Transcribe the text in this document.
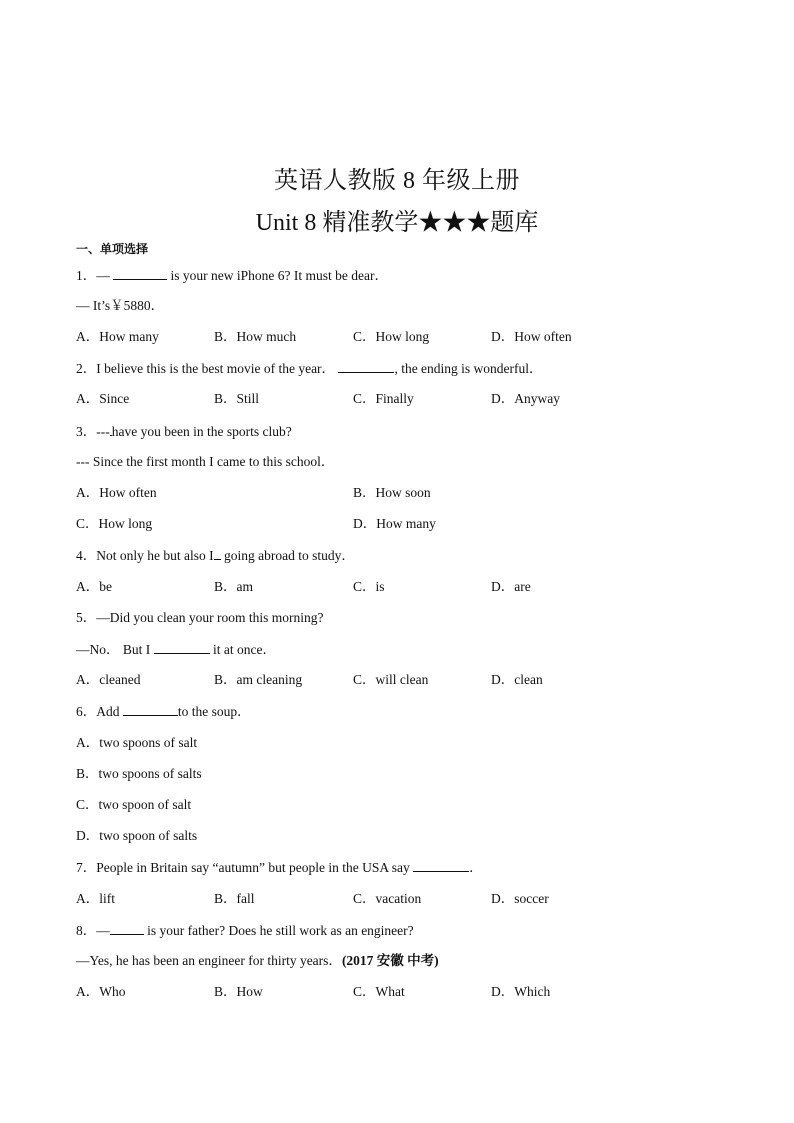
英语人教版 8 年级上册
Unit 8 精准教学★★★题库
一、单项选择
1．—	is your new iPhone 6? It must be dear．
— It’s￥5880．
A．How many	B．How much	C．How long	D．How often
2．I believe this is the best movie of the year．	, the ending is wonderful．
A．Since	B．Still	C．Finally	D．Anyway
3．--- have you been in the sports club?
--- Since the first month I came to this school．
A．How often	B．How soon
C．How long	D．How many
4．Not only he but also I going abroad to study．
A．be	B．am	C．is	D．are
5．—Did you clean your room this morning?
—No． But I	it at once．
A．cleaned	B．am cleaning	C．will clean	D．clean
6．Add	to the soup．
A．two spoons of salt
B．two spoons of salts
C．two spoon of salt
D．two spoon of salts
7．People in Britain say “autumn” but people in the USA say	．
A．lift	B．fall	C．vacation	D．soccer
8．—	is your father? Does he still work as an engineer?
—Yes, he has been an engineer for thirty years．(2017 安徽 中考)
A．Who	B．How	C．What	D．Which
